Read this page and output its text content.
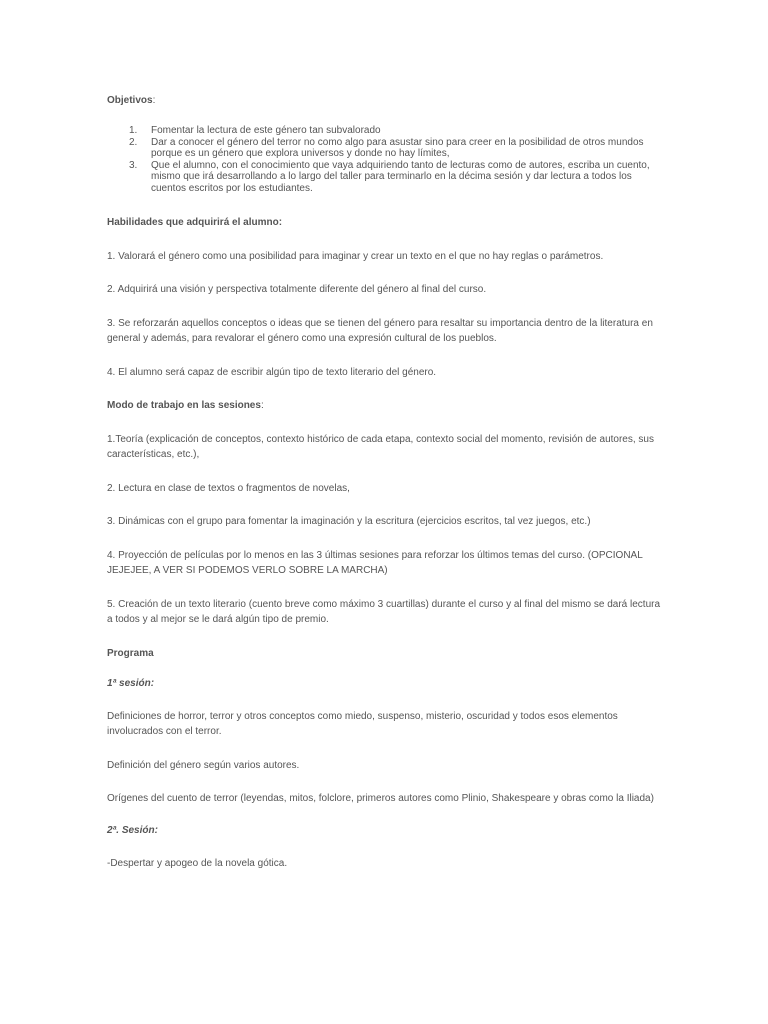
Objetivos:
1.	Fomentar la lectura de este género tan subvalorado
2.	Dar a conocer el género del terror no como algo para asustar sino para creer en la posibilidad de otros mundos porque es un género que explora universos y donde no hay límites,
3.	Que el alumno, con el conocimiento que vaya adquiriendo tanto de lecturas como de autores, escriba un cuento, mismo que irá desarrollando a lo largo del taller para terminarlo en la décima sesión y dar lectura a todos los cuentos escritos por los estudiantes.
Habilidades que adquirirá el alumno:
1. Valorará el género como una posibilidad para imaginar y crear un texto en el que no hay reglas o parámetros.
2. Adquirirá una visión y perspectiva totalmente diferente del género al final del curso.
3. Se reforzarán aquellos conceptos o ideas que se tienen del género para resaltar su importancia dentro de la literatura en general y además, para revalorar el género como una expresión cultural de los pueblos.
4. El alumno será capaz de escribir algún tipo de texto literario del género.
Modo de trabajo en las sesiones:
1.Teoría (explicación de conceptos, contexto histórico de cada etapa, contexto social del momento, revisión de autores, sus características, etc.),
2. Lectura en clase de textos o fragmentos de novelas,
3. Dinámicas con el grupo para fomentar la imaginación y la escritura (ejercicios escritos, tal vez juegos, etc.)
4. Proyección de películas por lo menos en las 3 últimas sesiones para reforzar los últimos temas del curso. (OPCIONAL JEJEJEE, A VER SI PODEMOS VERLO SOBRE LA MARCHA)
5. Creación de un texto literario (cuento breve como máximo 3 cuartillas) durante el curso y al final del mismo se dará lectura a todos y al mejor se le dará algún tipo de premio.
Programa
1ª sesión:
Definiciones de horror, terror y otros conceptos como miedo, suspenso, misterio, oscuridad y todos esos elementos involucrados con el terror.
Definición del género según varios autores.
Orígenes del cuento de terror (leyendas, mitos, folclore, primeros autores como Plinio, Shakespeare y obras como la Iliada)
2ª. Sesión:
-Despertar y apogeo de la novela gótica.
